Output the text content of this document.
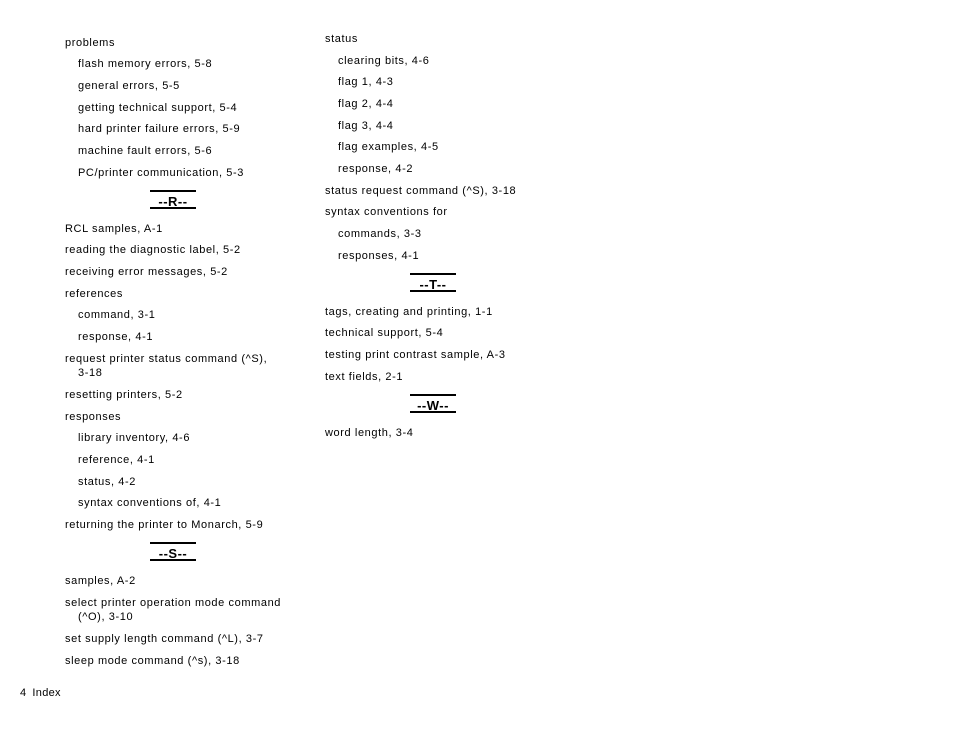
problems
flash memory errors, 5-8
general errors, 5-5
getting technical support, 5-4
hard printer failure errors, 5-9
machine fault errors, 5-6
PC/printer communication, 5-3
--R--
RCL samples, A-1
reading the diagnostic label, 5-2
receiving error messages, 5-2
references
command, 3-1
response, 4-1
request printer status command (^S),
3-18
resetting printers, 5-2
responses
library inventory, 4-6
reference, 4-1
status, 4-2
syntax conventions of, 4-1
returning the printer to Monarch, 5-9
--S--
samples, A-2
select printer operation mode command
(^O), 3-10
set supply length command (^L), 3-7
sleep mode command (^s), 3-18
status
clearing bits, 4-6
flag 1, 4-3
flag 2, 4-4
flag 3, 4-4
flag examples, 4-5
response, 4-2
status request command (^S), 3-18
syntax conventions for
commands, 3-3
responses, 4-1
--T--
tags, creating and printing, 1-1
technical support, 5-4
testing print contrast sample, A-3
text fields, 2-1
--W--
word length, 3-4
4 Index
